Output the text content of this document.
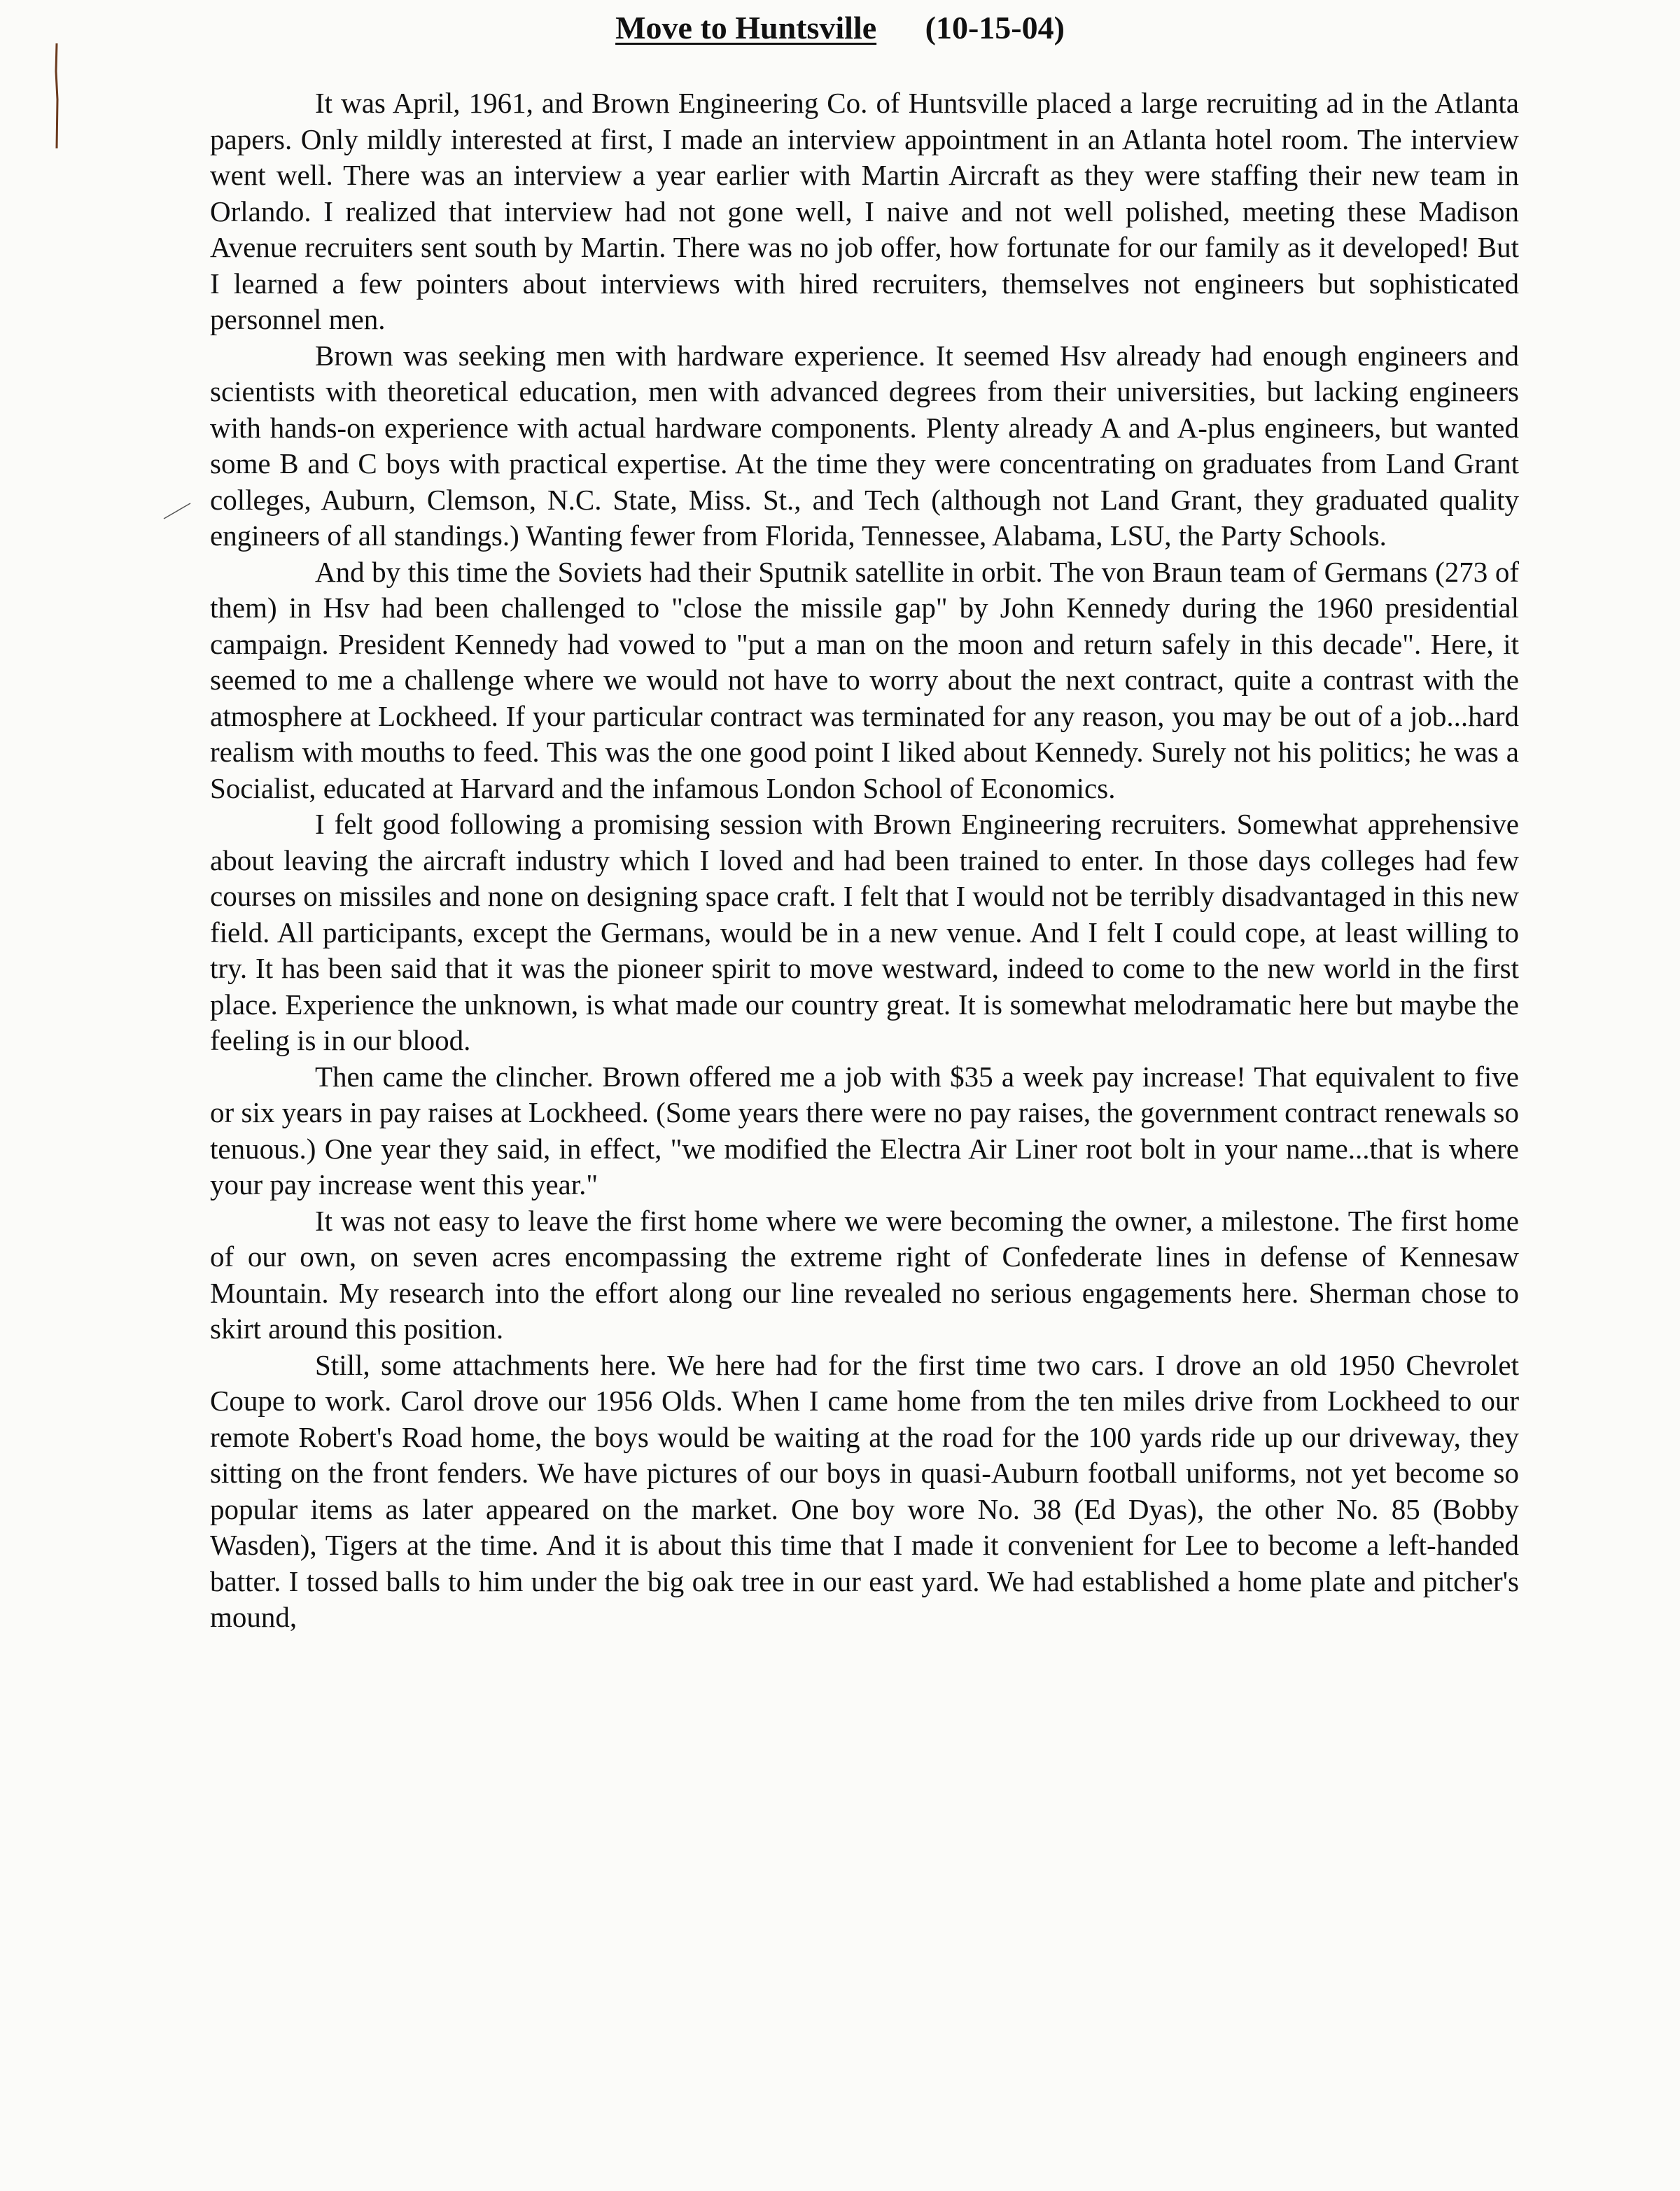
Move to Huntsville (10-15-04)

It was April, 1961, and Brown Engineering Co. of Huntsville placed a large recruiting ad in the Atlanta papers. Only mildly interested at first, I made an interview appointment in an Atlanta hotel room. The interview went well. There was an interview a year earlier with Martin Aircraft as they were staffing their new team in Orlando. I realized that interview had not gone well, I naive and not well polished, meeting these Madison Avenue recruiters sent south by Martin. There was no job offer, how fortunate for our family as it developed! But I learned a few pointers about interviews with hired recruiters, themselves not engineers but sophisticated personnel men.

Brown was seeking men with hardware experience. It seemed Hsv already had enough engineers and scientists with theoretical education, men with advanced degrees from their universities, but lacking engineers with hands-on experience with actual hardware components. Plenty already A and A-plus engineers, but wanted some B and C boys with practical expertise. At the time they were concentrating on graduates from Land Grant colleges, Auburn, Clemson, N.C. State, Miss. St., and Tech (although not Land Grant, they graduated quality engineers of all standings.) Wanting fewer from Florida, Tennessee, Alabama, LSU, the Party Schools.

And by this time the Soviets had their Sputnik satellite in orbit. The von Braun team of Germans (273 of them) in Hsv had been challenged to "close the missile gap" by John Kennedy during the 1960 presidential campaign. President Kennedy had vowed to "put a man on the moon and return safely in this decade". Here, it seemed to me a challenge where we would not have to worry about the next contract, quite a contrast with the atmosphere at Lockheed. If your particular contract was terminated for any reason, you may be out of a job...hard realism with mouths to feed. This was the one good point I liked about Kennedy. Surely not his politics; he was a Socialist, educated at Harvard and the infamous London School of Economics.

I felt good following a promising session with Brown Engineering recruiters. Somewhat apprehensive about leaving the aircraft industry which I loved and had been trained to enter. In those days colleges had few courses on missiles and none on designing space craft. I felt that I would not be terribly disadvantaged in this new field. All participants, except the Germans, would be in a new venue. And I felt I could cope, at least willing to try. It has been said that it was the pioneer spirit to move westward, indeed to come to the new world in the first place. Experience the unknown, is what made our country great. It is somewhat melodramatic here but maybe the feeling is in our blood.

Then came the clincher. Brown offered me a job with $35 a week pay increase! That equivalent to five or six years in pay raises at Lockheed. (Some years there were no pay raises, the government contract renewals so tenuous.) One year they said, in effect, "we modified the Electra Air Liner root bolt in your name...that is where your pay increase went this year."

It was not easy to leave the first home where we were becoming the owner, a milestone. The first home of our own, on seven acres encompassing the extreme right of Confederate lines in defense of Kennesaw Mountain. My research into the effort along our line revealed no serious engagements here. Sherman chose to skirt around this position.

Still, some attachments here. We here had for the first time two cars. I drove an old 1950 Chevrolet Coupe to work. Carol drove our 1956 Olds. When I came home from the ten miles drive from Lockheed to our remote Robert's Road home, the boys would be waiting at the road for the 100 yards ride up our driveway, they sitting on the front fenders. We have pictures of our boys in quasi-Auburn football uniforms, not yet become so popular items as later appeared on the market. One boy wore No. 38 (Ed Dyas), the other No. 85 (Bobby Wasden), Tigers at the time. And it is about this time that I made it convenient for Lee to become a left-handed batter. I tossed balls to him under the big oak tree in our east yard. We had established a home plate and pitcher's mound,
